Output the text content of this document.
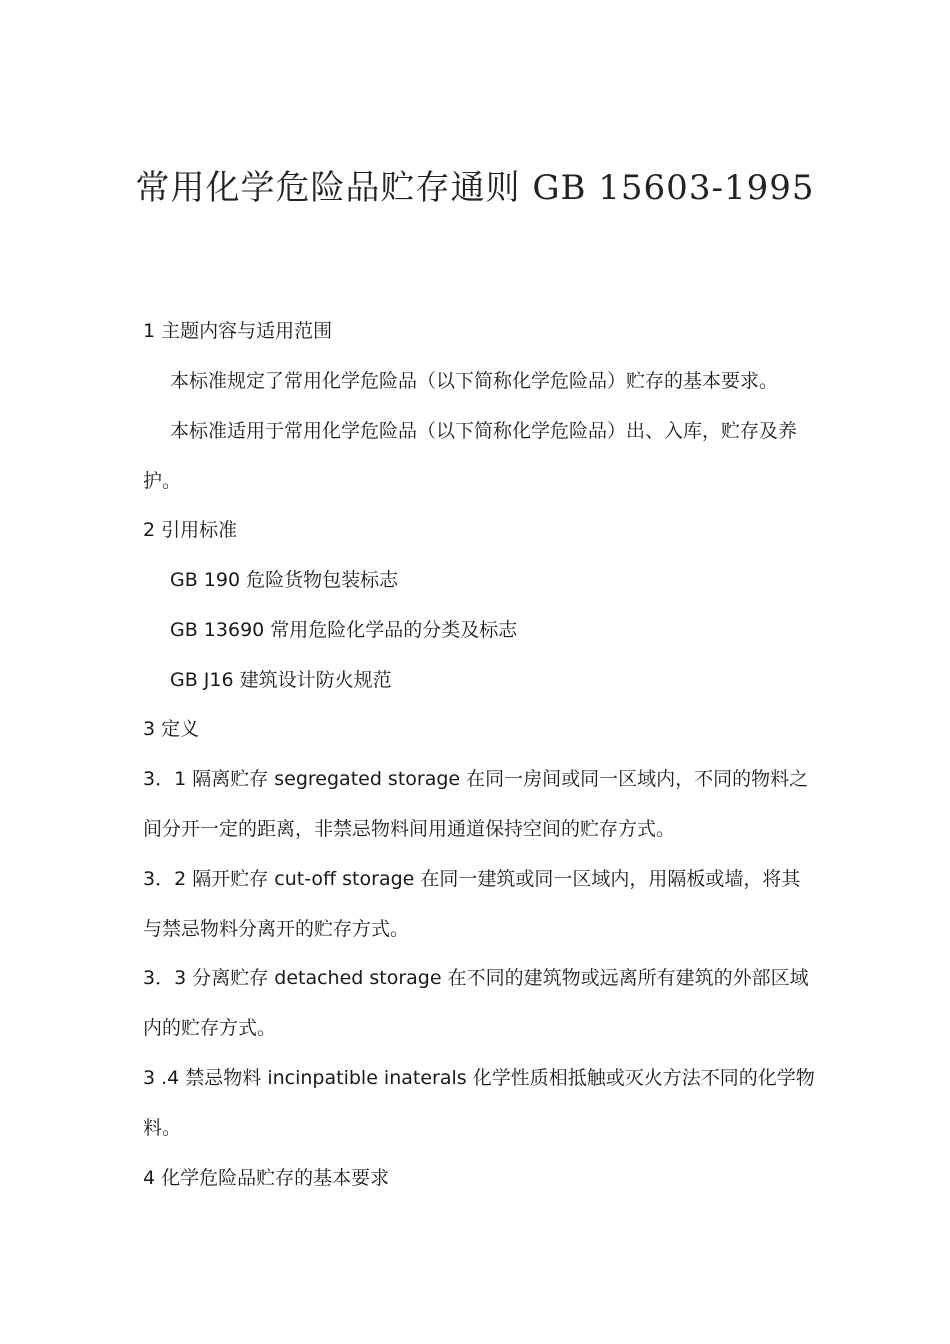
常用化学危险品贮存通则 GB 15603-1995
1 主题内容与适用范围
本标准规定了常用化学危险品（以下简称化学危险品）贮存的基本要求。
本标准适用于常用化学危险品（以下简称化学危险品）出、入库，贮存及养
护。
2 引用标准
GB 190 危险货物包装标志
GB 13690 常用危险化学品的分类及标志
GB J16 建筑设计防火规范
3 定义
3．1 隔离贮存 segregated storage 在同一房间或同一区域内，不同的物料之
间分开一定的距离，非禁忌物料间用通道保持空间的贮存方式。
3．2 隔开贮存 cut-off storage 在同一建筑或同一区域内，用隔板或墙，将其
与禁忌物料分离开的贮存方式。
3．3 分离贮存 detached storage 在不同的建筑物或远离所有建筑的外部区域
内的贮存方式。
3 .4 禁忌物料 incinpatible inaterals 化学性质相抵触或灭火方法不同的化学物
料。
4 化学危险品贮存的基本要求
